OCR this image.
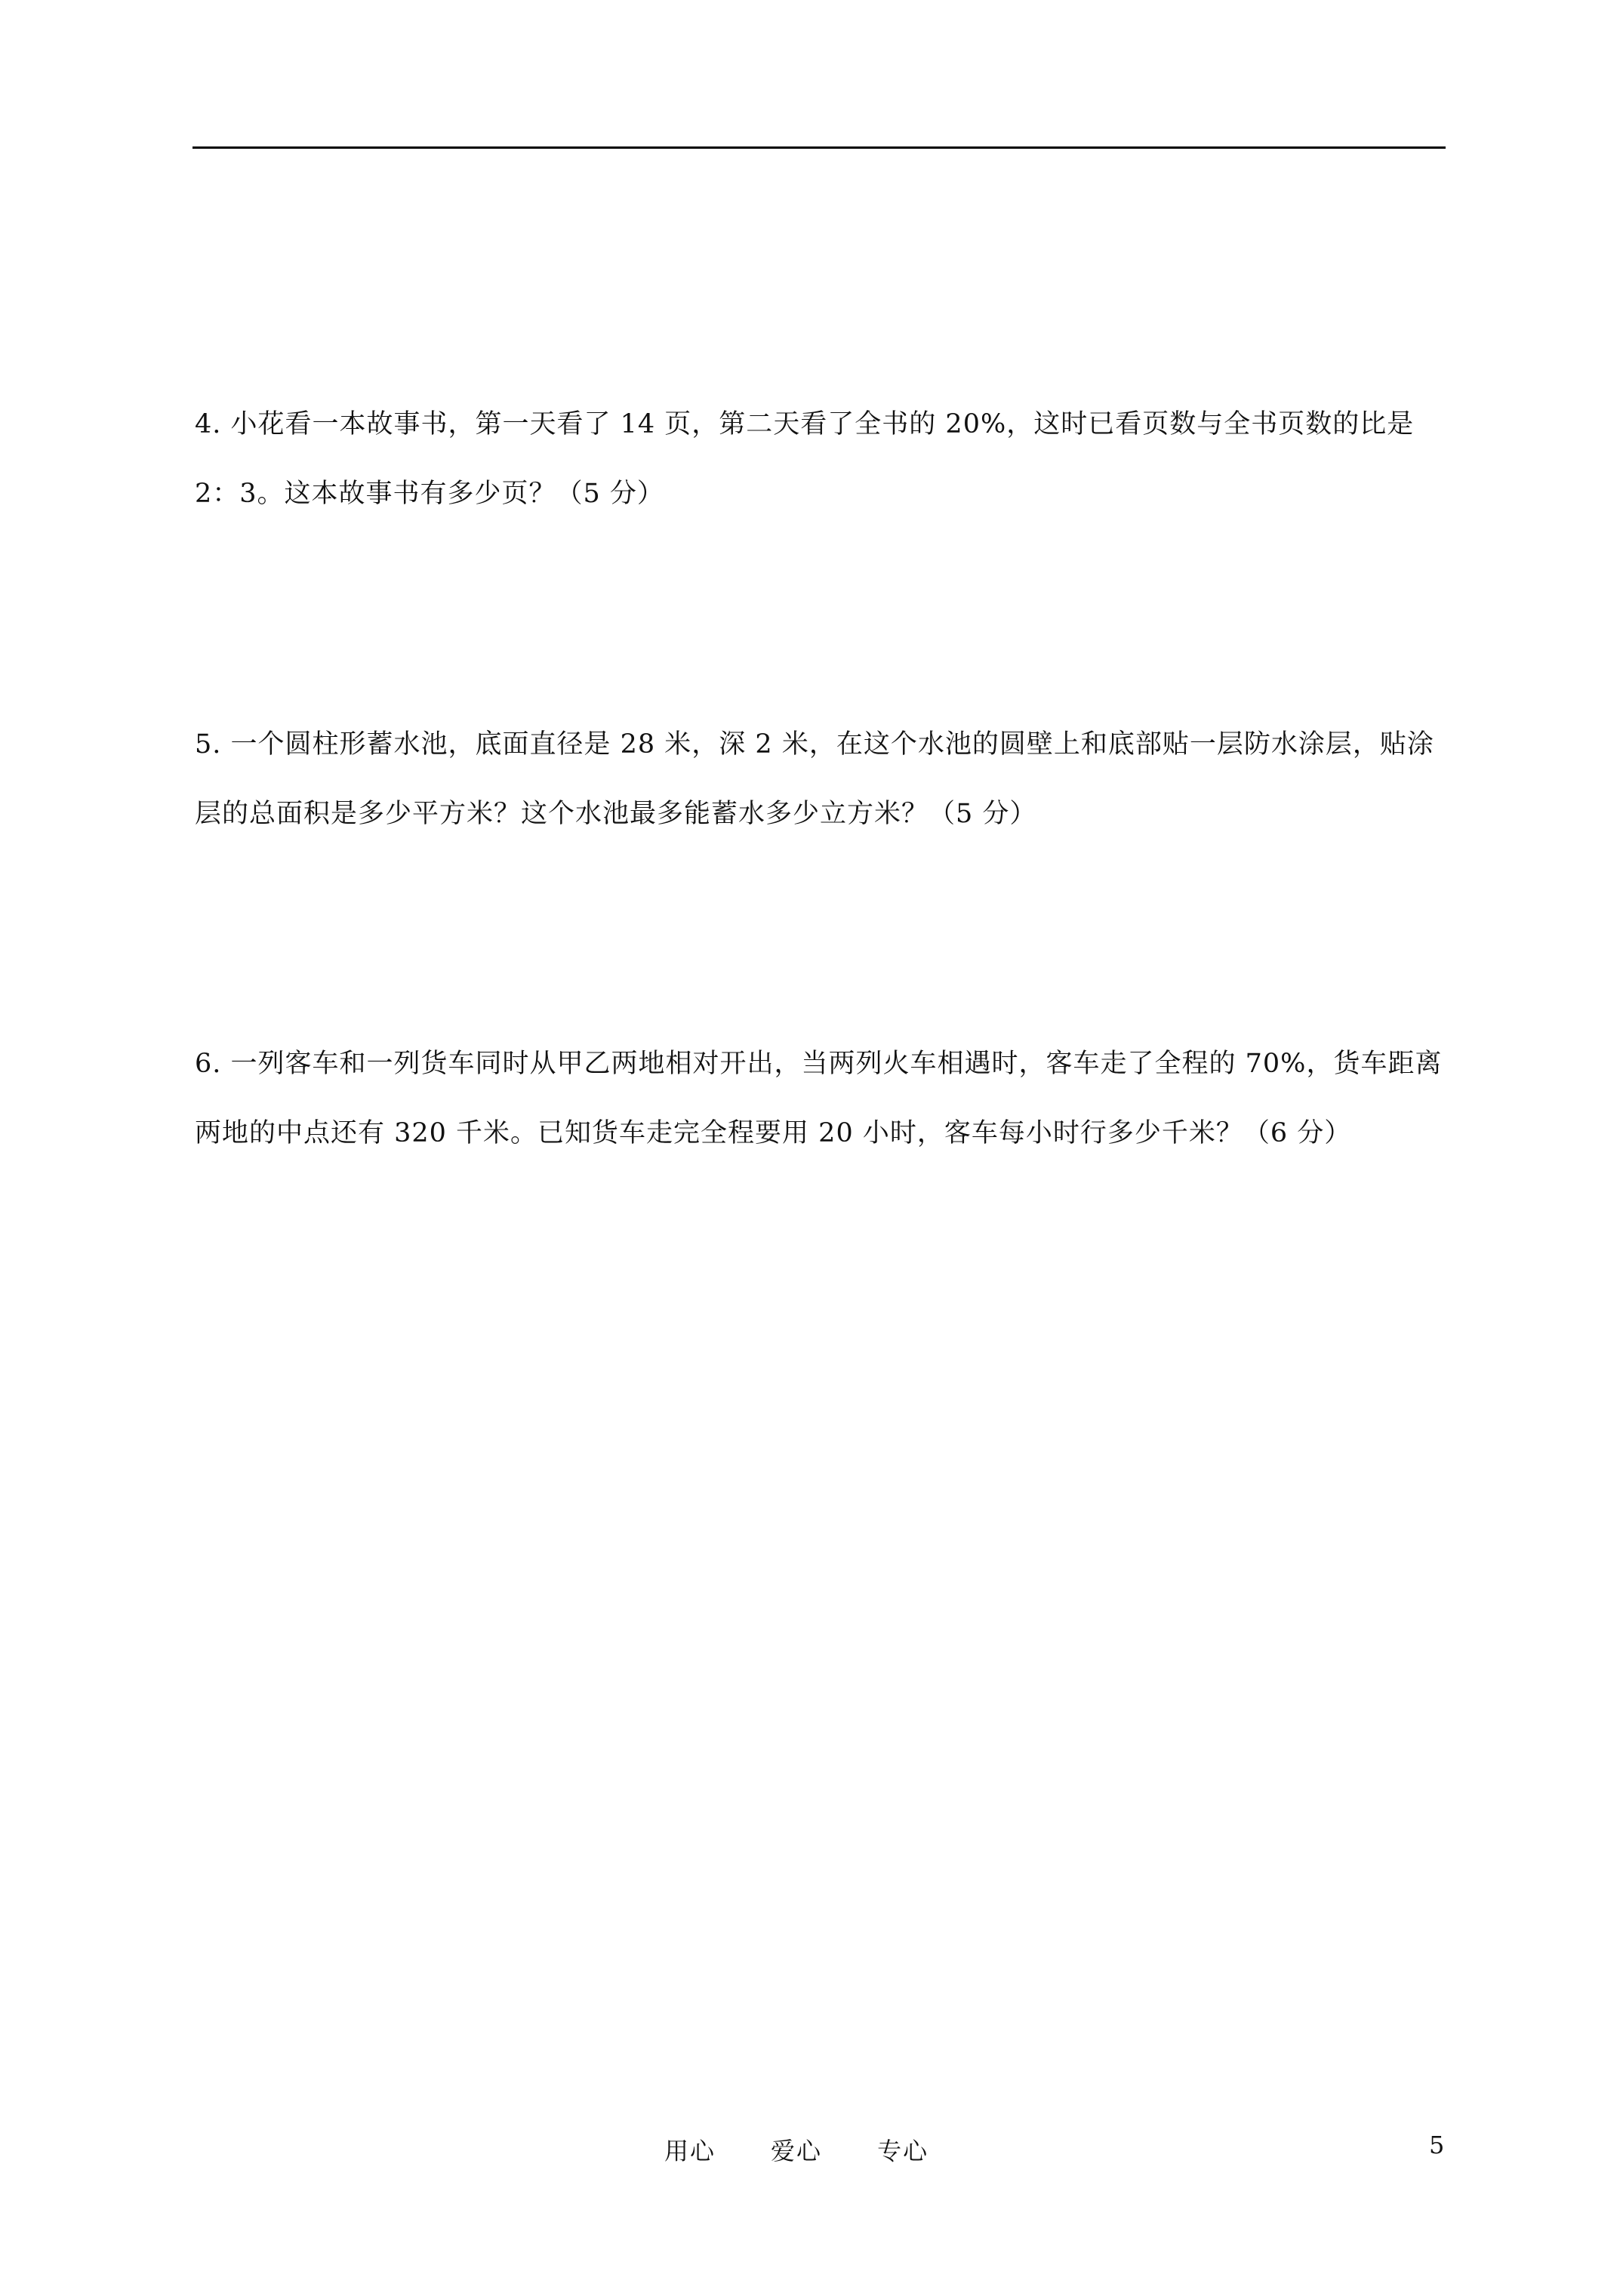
4. 小花看一本故事书，第一天看了 14 页，第二天看了全书的 20%，这时已看页数与全书页数的比是 2：3。这本故事书有多少页？（5 分）

5. 一个圆柱形蓄水池，底面直径是 28 米，深 2 米，在这个水池的圆壁上和底部贴一层防水涂层，贴涂层的总面积是多少平方米？这个水池最多能蓄水多少立方米？（5 分）

6. 一列客车和一列货车同时从甲乙两地相对开出，当两列火车相遇时，客车走了全程的 70%，货车距离两地的中点还有 320 千米。已知货车走完全程要用 20 小时，客车每小时行多少千米？（6 分）

用心      爱心      专心	5
